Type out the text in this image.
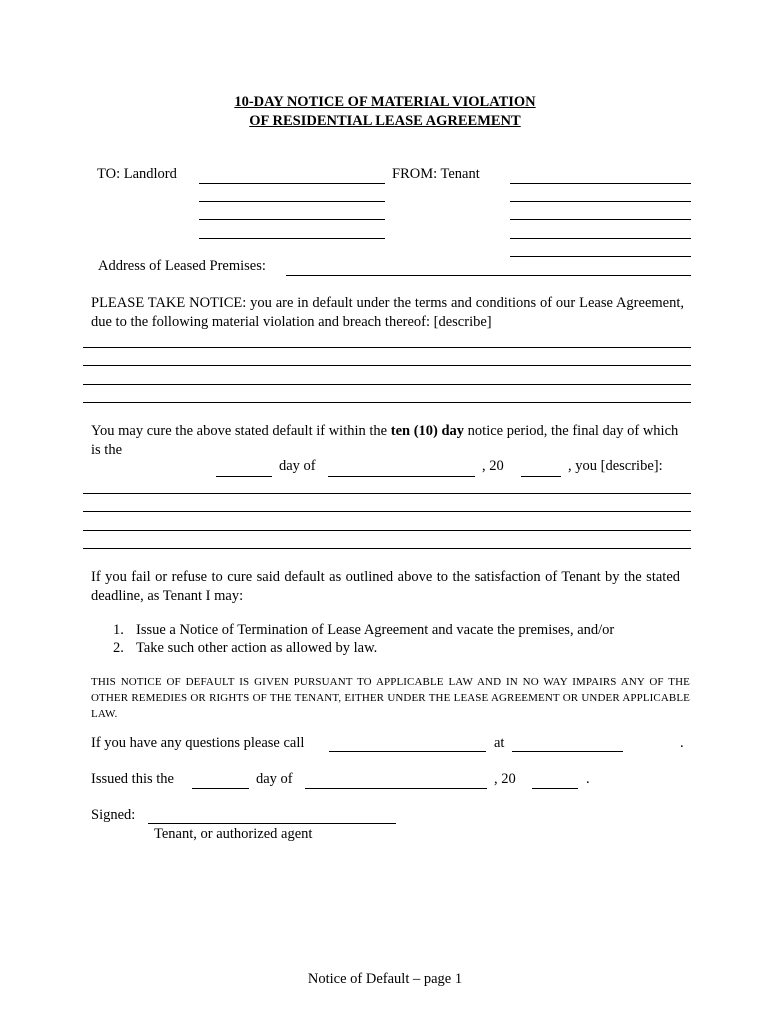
10-DAY NOTICE OF MATERIAL VIOLATION
OF RESIDENTIAL LEASE AGREEMENT
TO: Landlord	FROM: Tenant
Address of Leased Premises:
PLEASE TAKE NOTICE: you are in default under the terms and conditions of our Lease Agreement, due to the following material violation and breach thereof: [describe]
You may cure the above stated default if within the ten (10) day notice period, the final day of which is the
day of	, 20	, you [describe]:
If you fail or refuse to cure said default as outlined above to the satisfaction of Tenant by the stated deadline, as Tenant I may:
1. Issue a Notice of Termination of Lease Agreement and vacate the premises, and/or
2. Take such other action as allowed by law.
THIS NOTICE OF DEFAULT IS GIVEN PURSUANT TO APPLICABLE LAW AND IN NO WAY IMPAIRS ANY OF THE OTHER REMEDIES OR RIGHTS OF THE TENANT, EITHER UNDER THE LEASE AGREEMENT OR UNDER APPLICABLE LAW.
If you have any questions please call	at	.
Issued this the	day of	, 20	.
Signed:
Tenant, or authorized agent
Notice of Default – page 1
